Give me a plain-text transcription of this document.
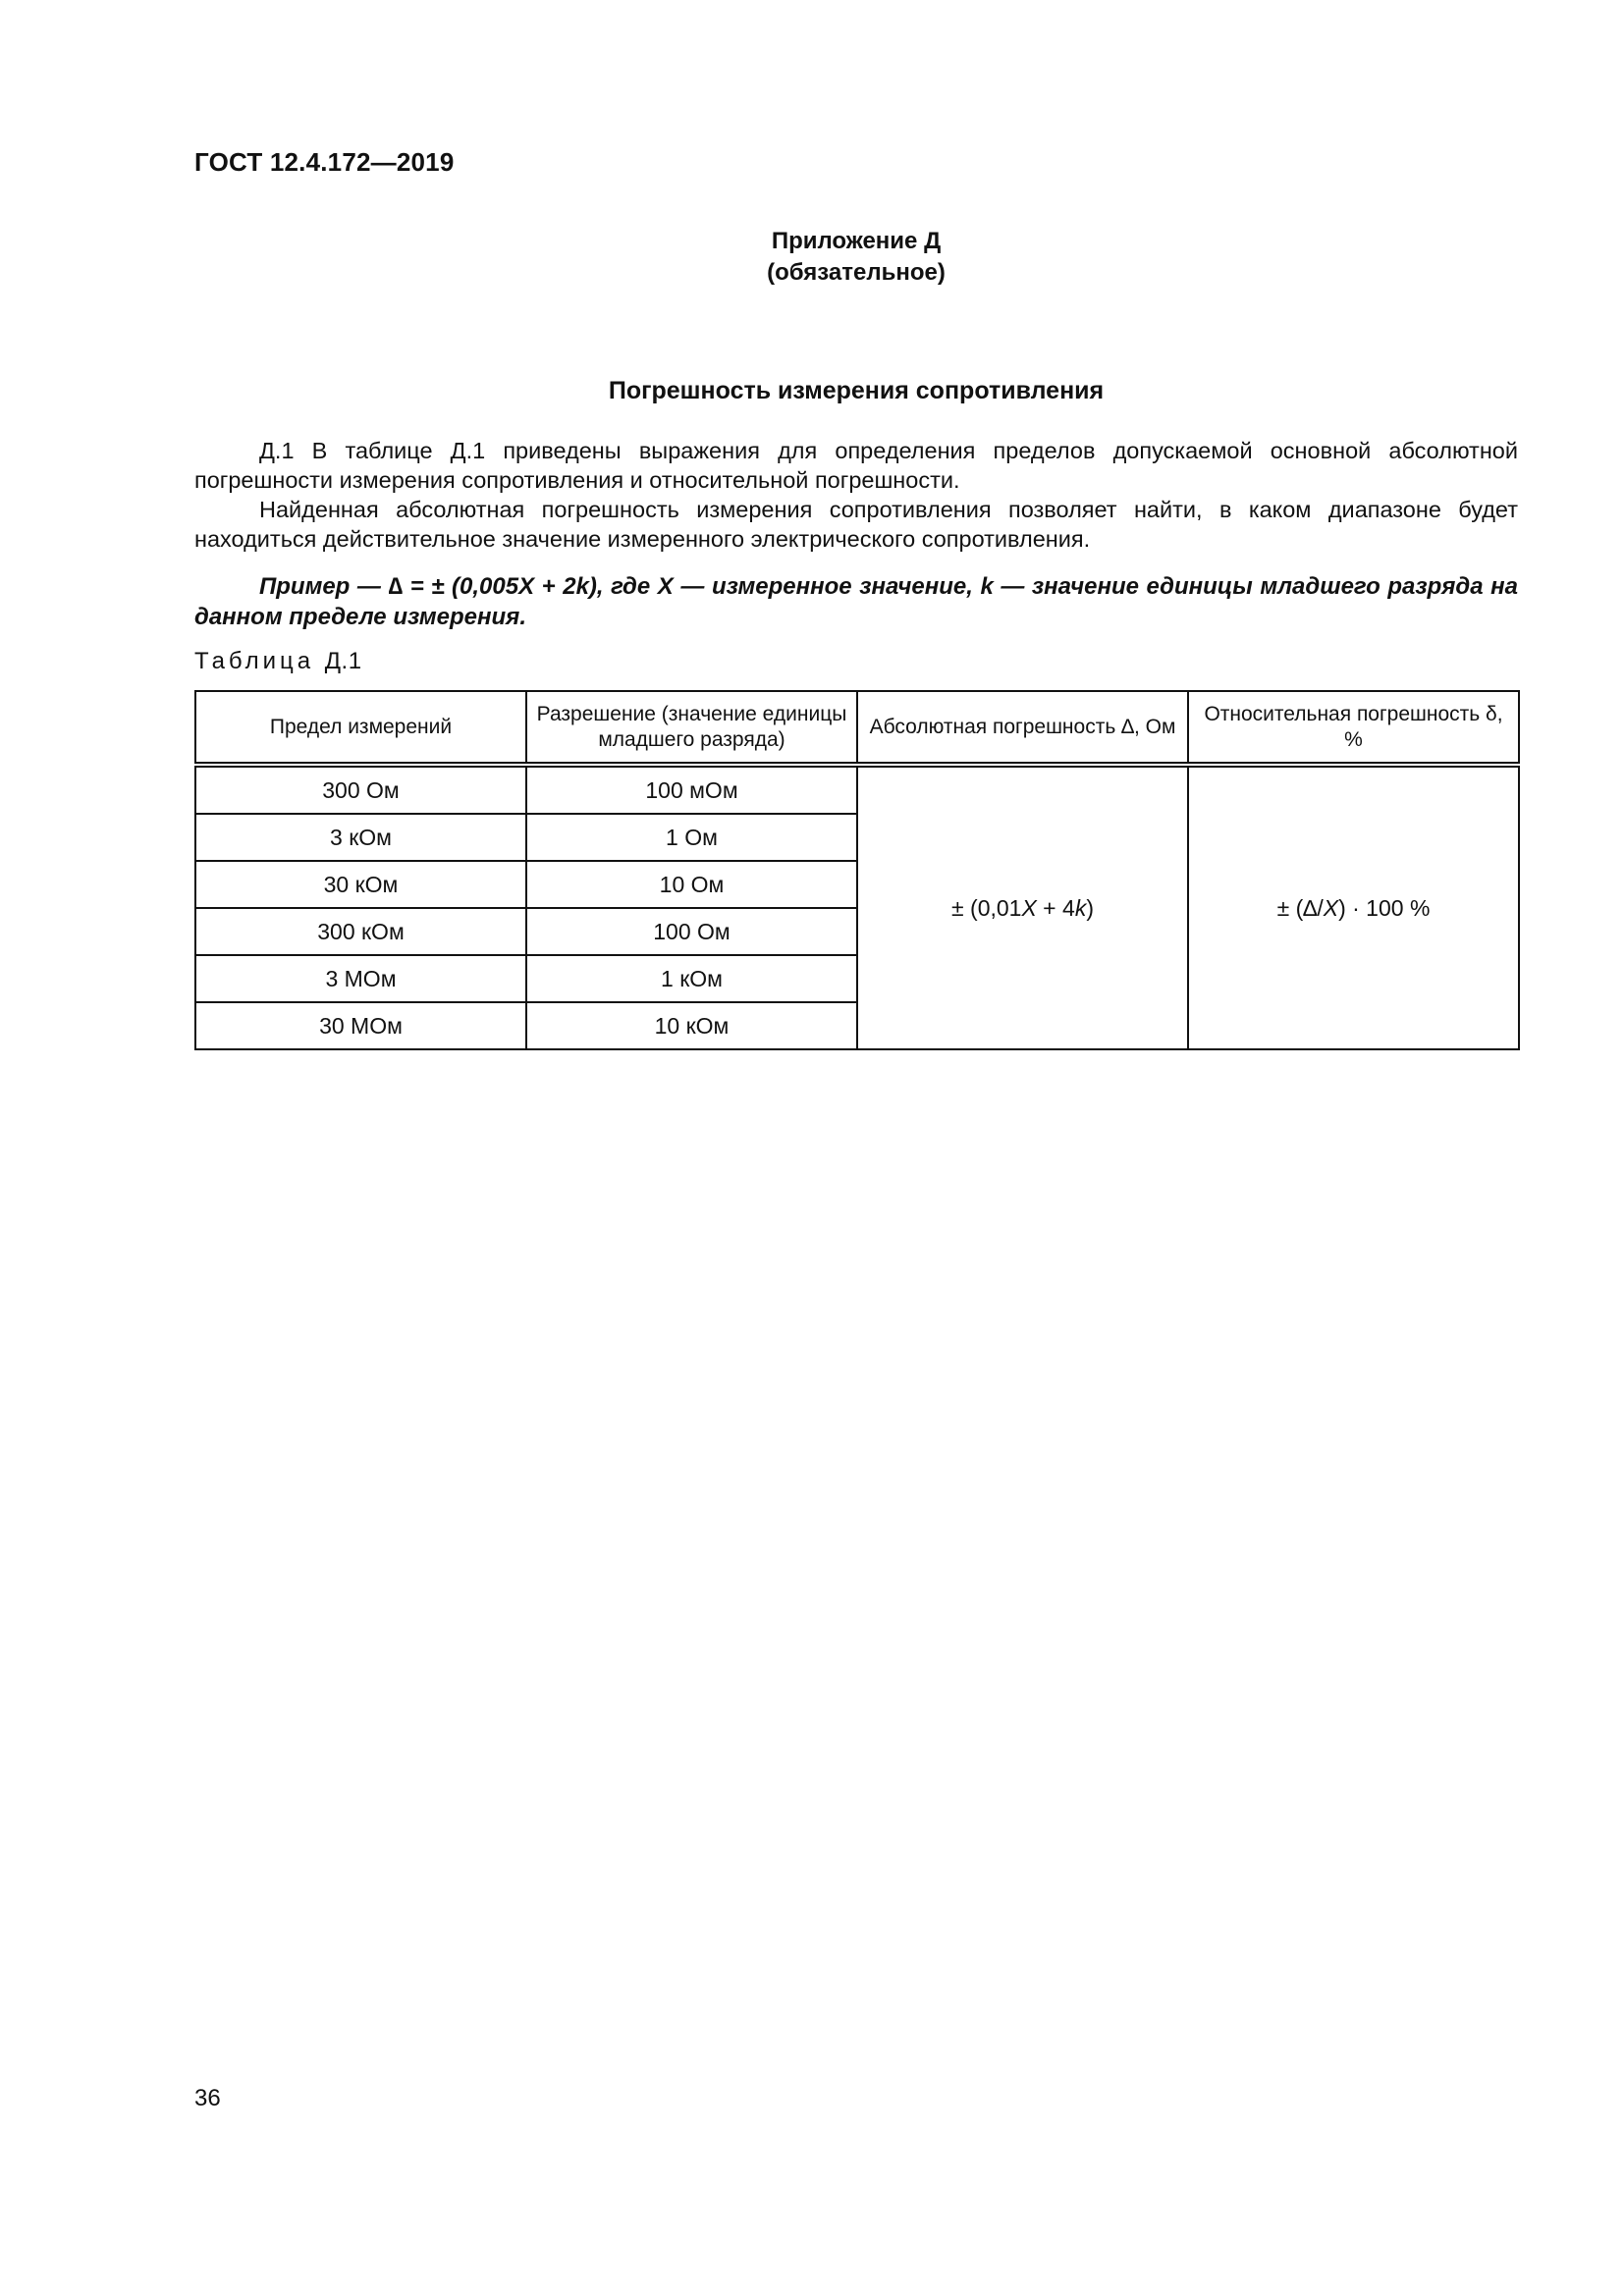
ГОСТ 12.4.172—2019
Приложение Д
(обязательное)
Погрешность измерения сопротивления

Д.1 В таблице Д.1 приведены выражения для определения пределов допускаемой основной абсолютной погрешности измерения сопротивления и относительной погрешности.

Найденная абсолютная погрешность измерения сопротивления позволяет найти, в каком диапазоне будет находиться действительное значение измеренного электрического сопротивления.

Пример — ∆ = ± (0,005X + 2k), где X — измеренное значение, k — значение единицы младшего разряда на данном пределе измерения.
Таблица Д.1
Предел измерений	Разрешение (значение единицы младшего разряда)	Абсолютная погрешность ∆, Ом	Относительная погрешность δ, %
300 Ом	100 мОм	± (0,01X + 4k)	± (∆/X) · 100 %
3 кОм	1 Ом		
30 кОм	10 Ом		
300 кОм	100 Ом		
3 МОм	1 кОм		
30 МОм	10 кОм		
36
